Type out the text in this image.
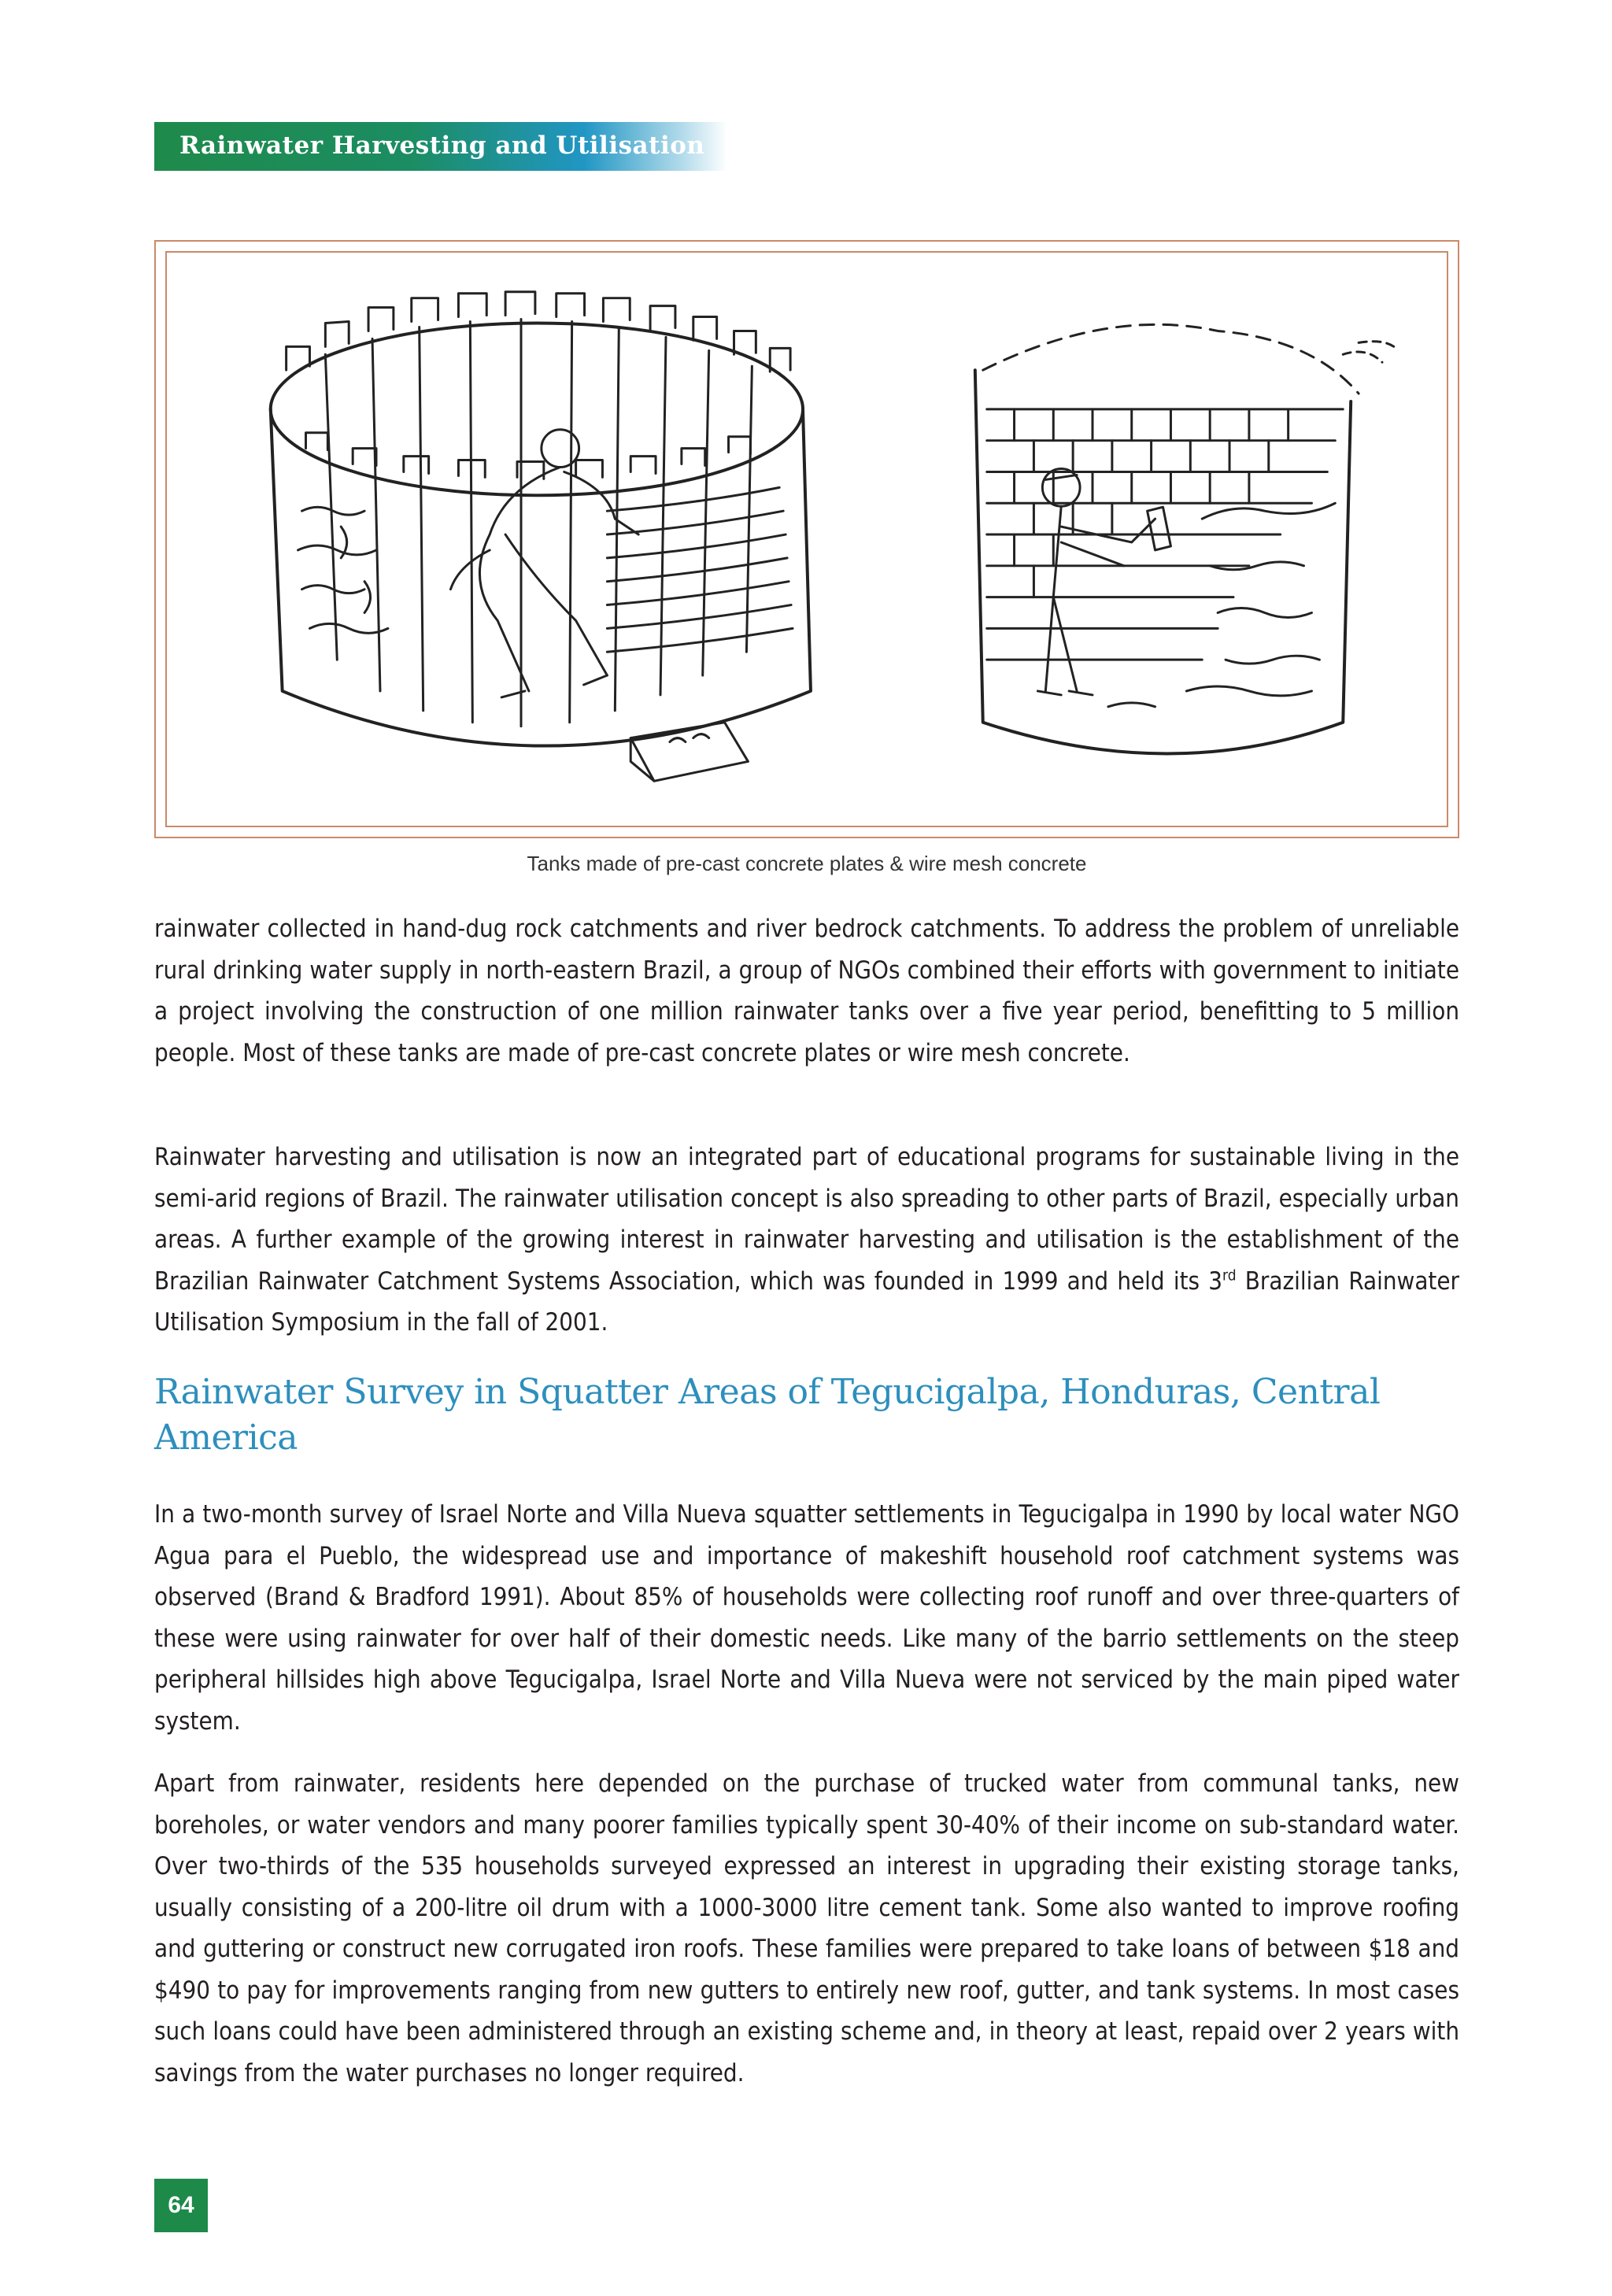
Rainwater Harvesting and Utilisation
Tanks made of pre-cast concrete plates & wire mesh concrete

rainwater collected in hand-dug rock catchments and river bedrock catchments. To address the problem of unreliable rural drinking water supply in north-eastern Brazil, a group of NGOs combined their efforts with government to initiate a project involving the construction of one million rainwater tanks over a five year period, benefitting to 5 million people. Most of these tanks are made of pre-cast concrete plates or wire mesh concrete.

Rainwater harvesting and utilisation is now an integrated part of educational programs for sustainable living in the semi-arid regions of Brazil. The rainwater utilisation concept is also spreading to other parts of Brazil, especially urban areas. A further example of the growing interest in rainwater harvesting and utilisation is the establishment of the Brazilian Rainwater Catchment Systems Association, which was founded in 1999 and held its 3rd Brazilian Rainwater Utilisation Symposium in the fall of 2001.

Rainwater Survey in Squatter Areas of Tegucigalpa, Honduras, Central America

In a two-month survey of Israel Norte and Villa Nueva squatter settlements in Tegucigalpa in 1990 by local water NGO Agua para el Pueblo, the widespread use and importance of makeshift household roof catchment systems was observed (Brand & Bradford 1991). About 85% of households were collecting roof runoff and over three-quarters of these were using rainwater for over half of their domestic needs. Like many of the barrio settlements on the steep peripheral hillsides high above Tegucigalpa, Israel Norte and Villa Nueva were not serviced by the main piped water system.

Apart from rainwater, residents here depended on the purchase of trucked water from communal tanks, new boreholes, or water vendors and many poorer families typically spent 30-40% of their income on sub-standard water. Over two-thirds of the 535 households surveyed expressed an interest in upgrading their existing storage tanks, usually consisting of a 200-litre oil drum with a 1000-3000 litre cement tank. Some also wanted to improve roofing and guttering or construct new corrugated iron roofs. These families were prepared to take loans of between $18 and $490 to pay for improvements ranging from new gutters to entirely new roof, gutter, and tank systems. In most cases such loans could have been administered through an existing scheme and, in theory at least, repaid over 2 years with savings from the water purchases no longer required.

64
